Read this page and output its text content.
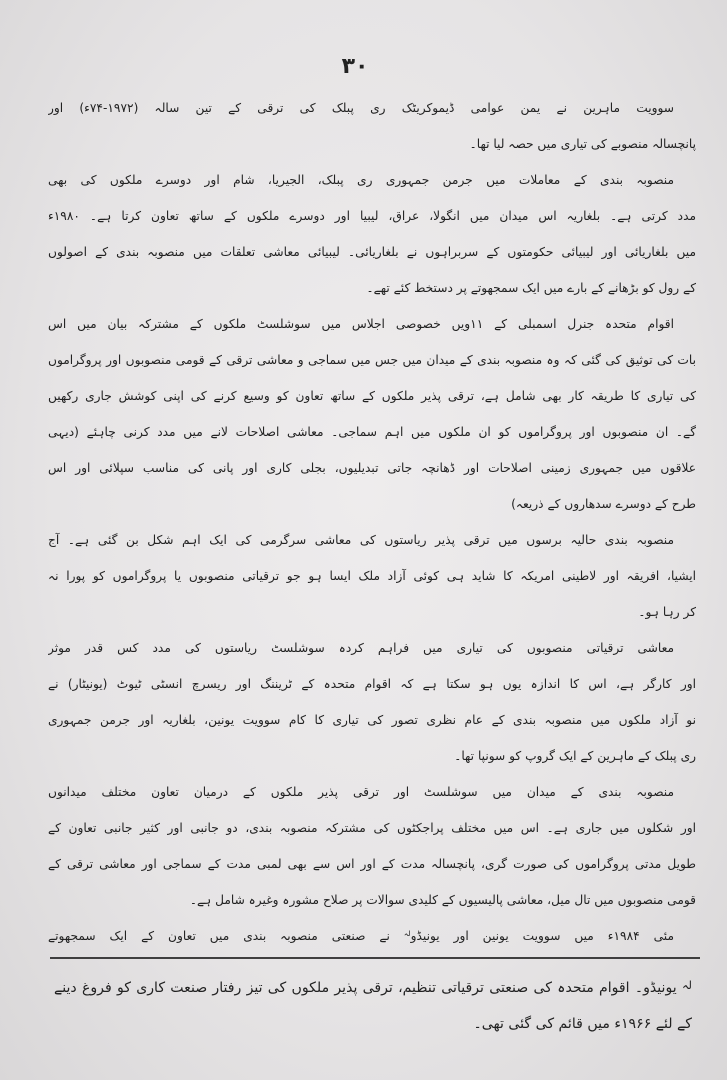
۳۰
سوویت ماہرین نے یمن عوامی ڈیموکریٹک ری پبلک کی ترقی کے تین سالہ (۱۹۷۲-۷۴ء) اور
پانچسالہ منصوبے کی تیاری میں حصہ لیا تھا۔
منصوبہ بندی کے معاملات میں جرمن جمہوری ری پبلک، الجیریا، شام اور دوسرے ملکوں کی بھی
مدد کرتی ہے۔ بلغاریہ اس میدان میں انگولا، عراق، لیبیا اور دوسرے ملکوں کے ساتھ تعاون کرتا ہے۔ ۱۹۸۰ء
میں بلغاریائی اور لیبیائی حکومتوں کے سربراہوں نے بلغاریائی۔ لیبیائی معاشی تعلقات میں منصوبہ بندی کے اصولوں
کے رول کو بڑھانے کے بارے میں ایک سمجھوتے پر دستخط کئے تھے۔
اقوام متحدہ جنرل اسمبلی کے ۱۱ویں خصوصی اجلاس میں سوشلسٹ ملکوں کے مشترکہ بیان میں اس
بات کی توثیق کی گئی کہ وہ منصوبہ بندی کے میدان میں جس میں سماجی و معاشی ترقی کے قومی منصوبوں اور پروگراموں
کی تیاری کا طریقہ کار بھی شامل ہے، ترقی پذیر ملکوں کے ساتھ تعاون کو وسیع کرنے کی اپنی کوشش جاری رکھیں
گے۔ ان منصوبوں اور پروگراموں کو ان ملکوں میں اہم سماجی۔ معاشی اصلاحات لانے میں مدد کرنی چاہئے (دیہی
علاقوں میں جمہوری زمینی اصلاحات اور ڈھانچہ جاتی تبدیلیوں، بجلی کاری اور پانی کی مناسب سپلائی اور اس
طرح کے دوسرے سدھاروں کے ذریعہ)
منصوبہ بندی حالیہ برسوں میں ترقی پذیر ریاستوں کی معاشی سرگرمی کی ایک اہم شکل بن گئی ہے۔ آج
ایشیا، افریقہ اور لاطینی امریکہ کا شاید ہی کوئی آزاد ملک ایسا ہو جو ترقیاتی منصوبوں یا پروگراموں کو پورا نہ
کر رہا ہو۔
معاشی ترقیاتی منصوبوں کی تیاری میں فراہم کردہ سوشلسٹ ریاستوں کی مدد کس قدر موثر
اور کارگر ہے، اس کا اندازہ یوں ہو سکتا ہے کہ اقوام متحدہ کے ٹریننگ اور ریسرچ انسٹی ٹیوٹ (یونیٹار) نے
نو آزاد ملکوں میں منصوبہ بندی کے عام نظری تصور کی تیاری کا کام سوویت یونین، بلغاریہ اور جرمن جمہوری
ری پبلک کے ماہرین کے ایک گروپ کو سونپا تھا۔
منصوبہ بندی کے میدان میں سوشلسٹ اور ترقی پذیر ملکوں کے درمیان تعاون مختلف میدانوں
اور شکلوں میں جاری ہے۔ اس میں مختلف پراجکٹوں کی مشترکہ منصوبہ بندی، دو جانبی اور کثیر جانبی تعاون کے
طویل مدتی پروگراموں کی صورت گری، پانچسالہ مدت کے اور اس سے بھی لمبی مدت کے سماجی اور معاشی ترقی کے
قومی منصوبوں میں تال میل، معاشی پالیسیوں کے کلیدی سوالات پر صلاح مشورہ وغیرہ شامل ہے۔
مئی ۱۹۸۴ء میں سوویت یونین اور یونیڈو$^{لہ}$ نے صنعتی منصوبہ بندی میں تعاون کے ایک سمجھوتے
$^{لہ}$ یونیڈو۔ اقوام متحدہ کی صنعتی ترقیاتی تنظیم، ترقی پذیر ملکوں کی تیز رفتار صنعت کاری کو فروغ دینے
کے لئے ۱۹۶۶ء میں قائم کی گئی تھی۔
